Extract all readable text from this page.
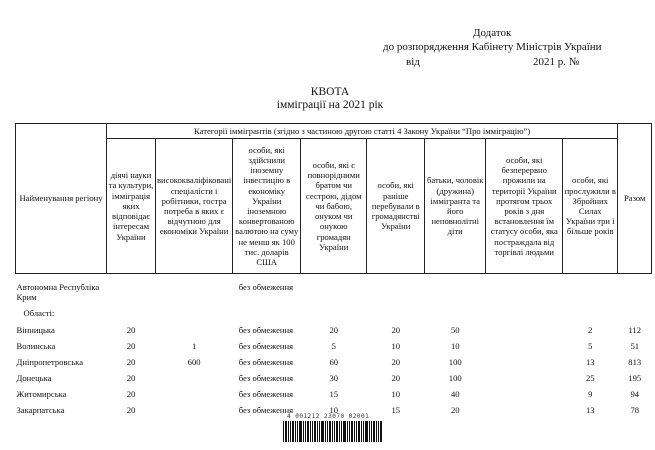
Додаток
до розпорядження Кабінету Міністрів України
від	2021 р. №
КВОТА
імміграції на 2021 рік
Найменування регіону	Категорії іммігрантів (згідно з частиною другою статті 4 Закону України “Про імміграцію”)								Разом
	діячі науки та культури, імміграція яких відповідає інтересам України	висококваліфіковані спеціалісти і робітники, гостра потреба в яких є відчутною для економіки України	особи, які здійснили іноземну інвестицію в економіку України іноземною конвертованою валютою на суму не менш як 100 тис. доларів США	особи, які є повнорідними братом чи сестрою, дідом чи бабою, онуком чи онукою громадян України	особи, які раніше перебували в громадянстві України	батьки, чоловік (дружина) іммігранта та його неповнолітні діти	особи, які безперервно прожили на території України протягом трьох років з дня встановлення їм статусу особи, яка постраждала від торгівлі людьми	особи, які прослужили в Збройних Силах України три і більше років	
Автономна Республіка Крим			без обмеження						
Області:									
Вінницька	20		без обмеження	20	20	50		2	112
Волинська	20	1	без обмеження	5	10	10		5	51
Дніпропетровська	20	600	без обмеження	60	20	100		13	813
Донецька	20		без обмеження	30	20	100		25	195
Житомирська	20		без обмеження	15	10	40		9	94
Закарпатська	20		без обмеження	10	15	20		13	78
4 001212 23070 02001
